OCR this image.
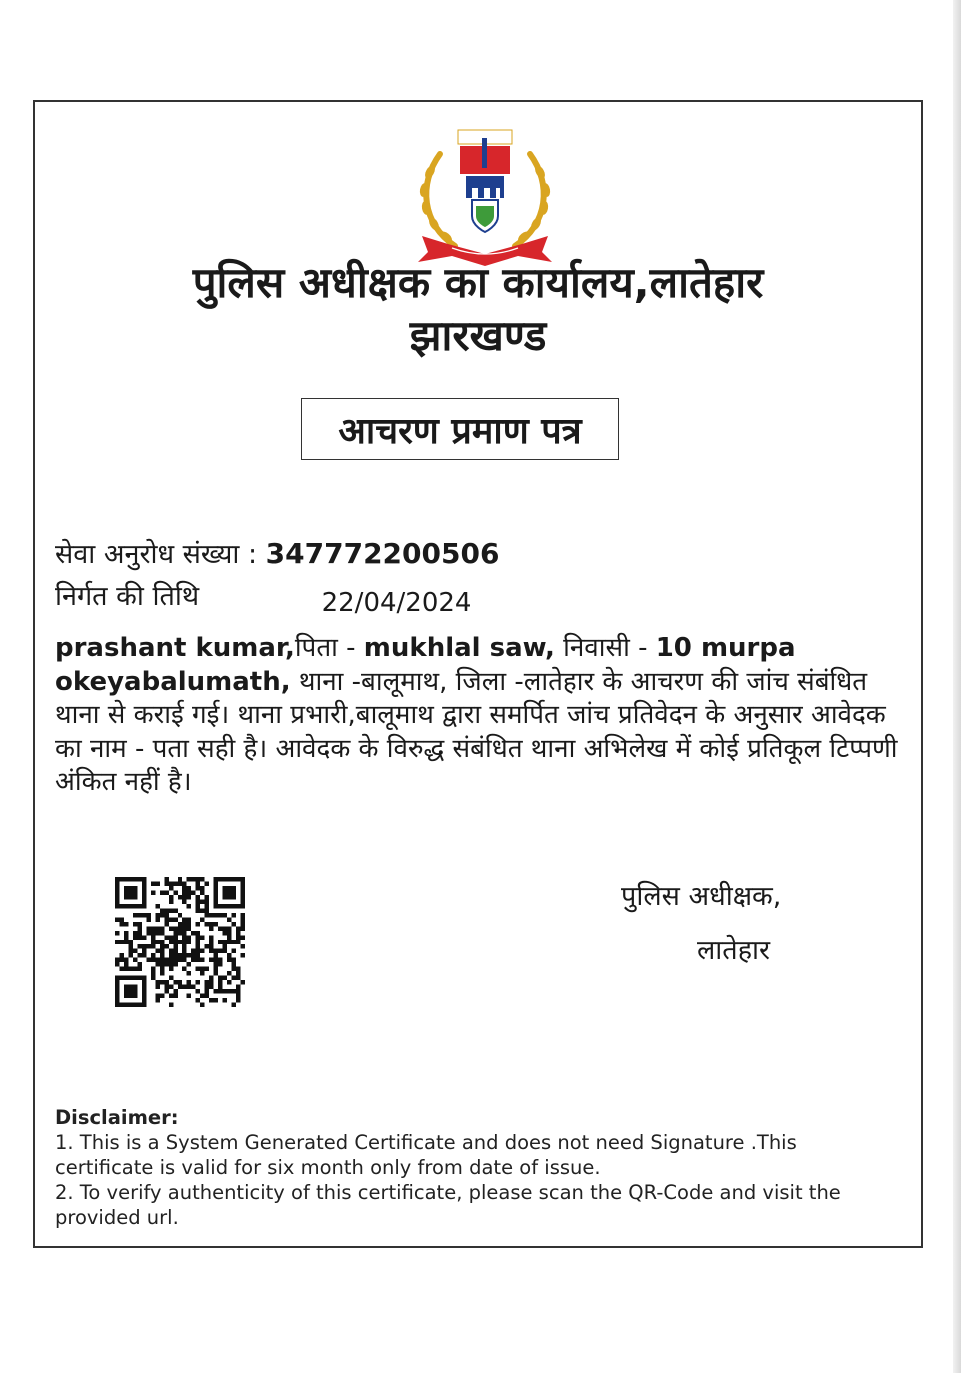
पुलिस अधीक्षक का कार्यालय,लातेहार
झारखण्ड
आचरण प्रमाण पत्र
सेवा अनुरोध संख्या : 347772200506
निर्गत की तिथि	22/04/2024
prashant kumar,पिता - mukhlal saw, निवासी - 10 murpa okeyabalumath, थाना -बालूमाथ, जिला -लातेहार के आचरण की जांच संबंधित थाना से कराई गई। थाना प्रभारी,बालूमाथ द्वारा समर्पित जांच प्रतिवेदन के अनुसार आवेदक का नाम - पता सही है। आवेदक के विरुद्ध संबंधित थाना अभिलेख में कोई प्रतिकूल टिप्पणी अंकित नहीं है।
पुलिस अधीक्षक,
लातेहार
Disclaimer:
1. This is a System Generated Certificate and does not need Signature .This certificate is valid for six month only from date of issue.
2. To verify authenticity of this certificate, please scan the QR-Code and visit the provided url.
